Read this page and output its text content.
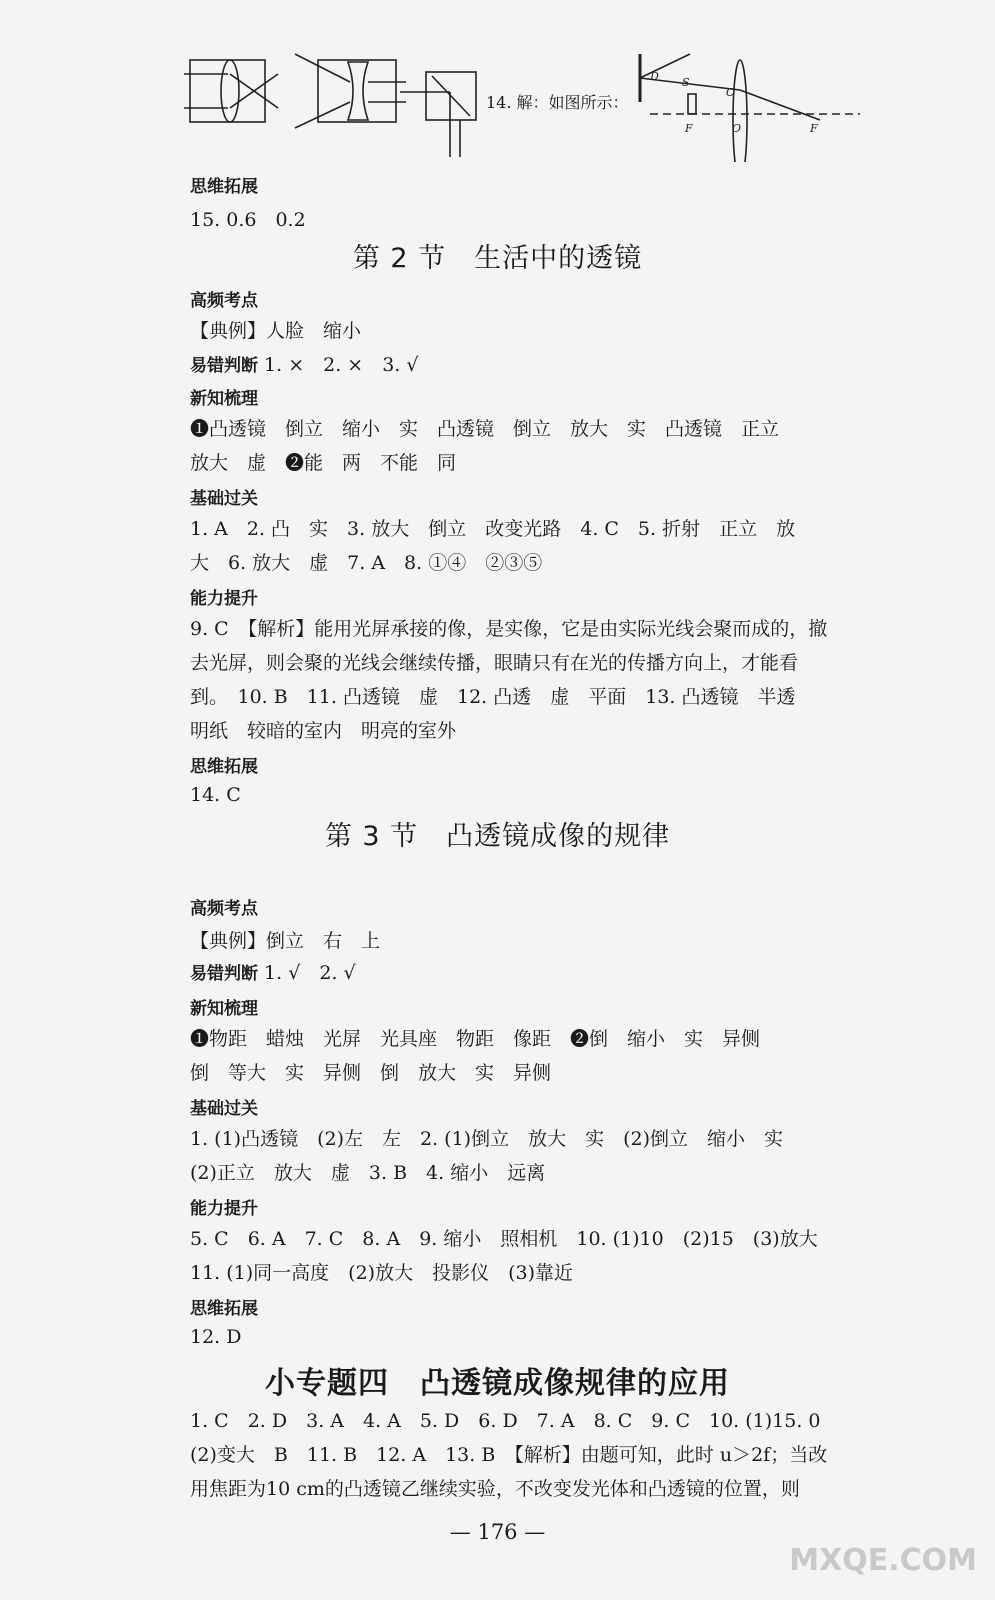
D S
C
F	O	F
14. 解：如图所示：
思维拓展
15. 0.6　0.2
第 2 节　生活中的透镜
高频考点
【典例】人脸　缩小
易错判断 1. ×　2. ×　3. √
新知梳理
❶凸透镜　倒立　缩小　实　凸透镜　倒立　放大　实　凸透镜　正立
放大　虚　❷能　两　不能　同
基础过关
1. A　2. 凸　实　3. 放大　倒立　改变光路　4. C　5. 折射　正立　放
大　6. 放大　虚　7. A　8. ①④　②③⑤
能力提升
9. C　【解析】能用光屏承接的像，是实像，它是由实际光线会聚而成的，撤
去光屏，则会聚的光线会继续传播，眼睛只有在光的传播方向上，才能看
到。　10. B　11. 凸透镜　虚　12. 凸透　虚　平面　13. 凸透镜　半透
明纸　较暗的室内　明亮的室外
思维拓展
14. C
第 3 节　凸透镜成像的规律
高频考点
【典例】倒立　右　上
易错判断 1. √　2. √
新知梳理
❶物距　蜡烛　光屏　光具座　物距　像距　❷倒　缩小　实　异侧
倒　等大　实　异侧　倒　放大　实　异侧
基础过关
1. (1)凸透镜　(2)左　左　2. (1)倒立　放大　实　(2)倒立　缩小　实
(2)正立　放大　虚　3. B　4. 缩小　远离
能力提升
5. C　6. A　7. C　8. A　9. 缩小　照相机　10. (1)10　(2)15　(3)放大
11. (1)同一高度　(2)放大　投影仪　(3)靠近
思维拓展
12. D
小专题四　凸透镜成像规律的应用
1. C　2. D　3. A　4. A　5. D　6. D　7. A　8. C　9. C　10. (1)15. 0
(2)变大　B　11. B　12. A　13. B　【解析】由题可知，此时 u＞2f；当改
用焦距为10 cm的凸透镜乙继续实验，不改变发光体和凸透镜的位置，则
— 176 —
MXQE.COM
